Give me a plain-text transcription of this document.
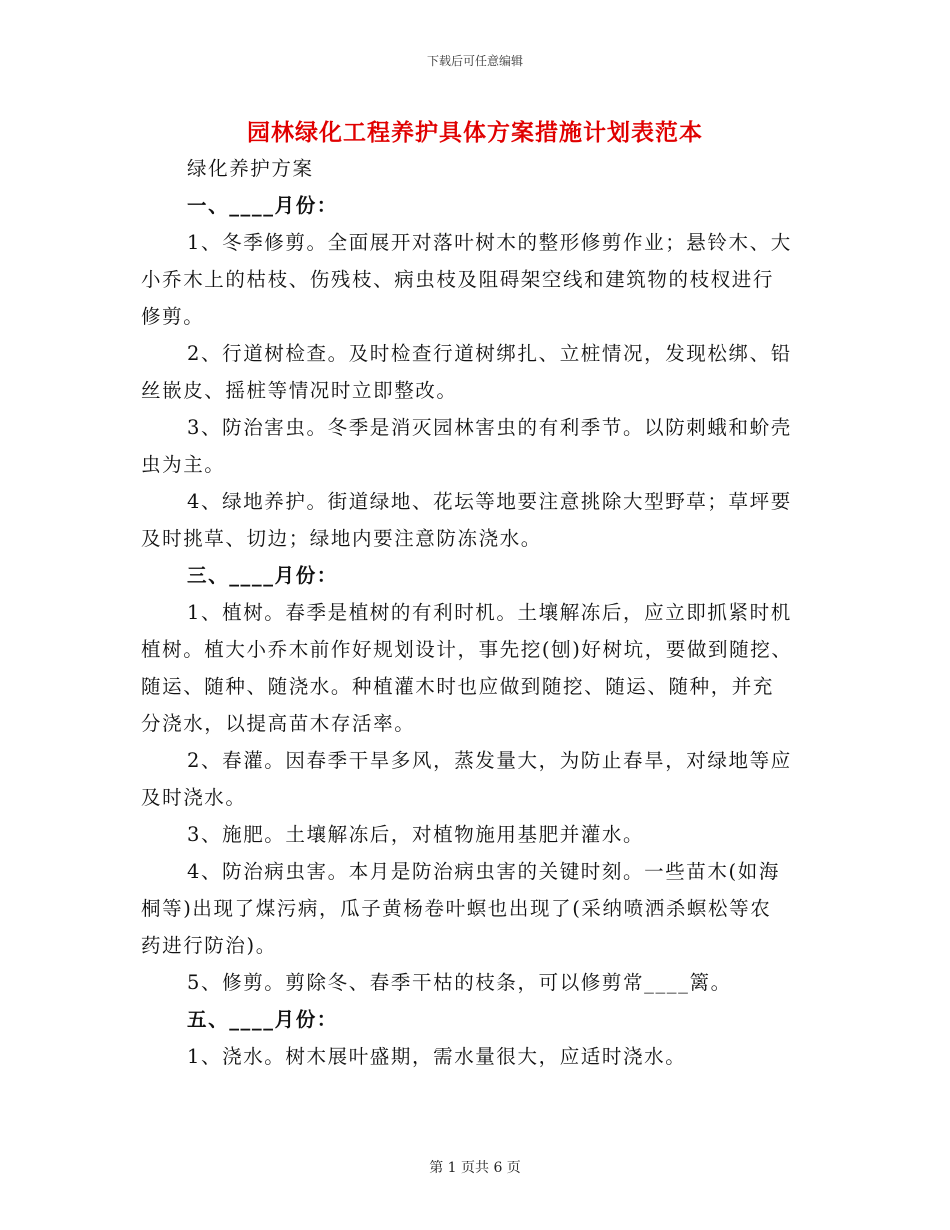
下载后可任意编辑
园林绿化工程养护具体方案措施计划表范本
绿化养护方案
一、____月份：
1、冬季修剪。全面展开对落叶树木的整形修剪作业；悬铃木、大
小乔木上的枯枝、伤残枝、病虫枝及阻碍架空线和建筑物的枝杈进行
修剪。
2、行道树检查。及时检查行道树绑扎、立桩情况，发现松绑、铅
丝嵌皮、摇桩等情况时立即整改。
3、防治害虫。冬季是消灭园林害虫的有利季节。以防刺蛾和蚧壳
虫为主。
4、绿地养护。街道绿地、花坛等地要注意挑除大型野草；草坪要
及时挑草、切边；绿地内要注意防冻浇水。
三、____月份：
1、植树。春季是植树的有利时机。土壤解冻后，应立即抓紧时机
植树。植大小乔木前作好规划设计，事先挖(刨)好树坑，要做到随挖、
随运、随种、随浇水。种植灌木时也应做到随挖、随运、随种，并充
分浇水，以提高苗木存活率。
2、春灌。因春季干旱多风，蒸发量大，为防止春旱，对绿地等应
及时浇水。
3、施肥。土壤解冻后，对植物施用基肥并灌水。
4、防治病虫害。本月是防治病虫害的关键时刻。一些苗木(如海
桐等)出现了煤污病，瓜子黄杨卷叶螟也出现了(采纳喷洒杀螟松等农
药进行防治)。
5、修剪。剪除冬、春季干枯的枝条，可以修剪常____篱。
五、____月份：
1、浇水。树木展叶盛期，需水量很大，应适时浇水。
第 1 页共 6 页
